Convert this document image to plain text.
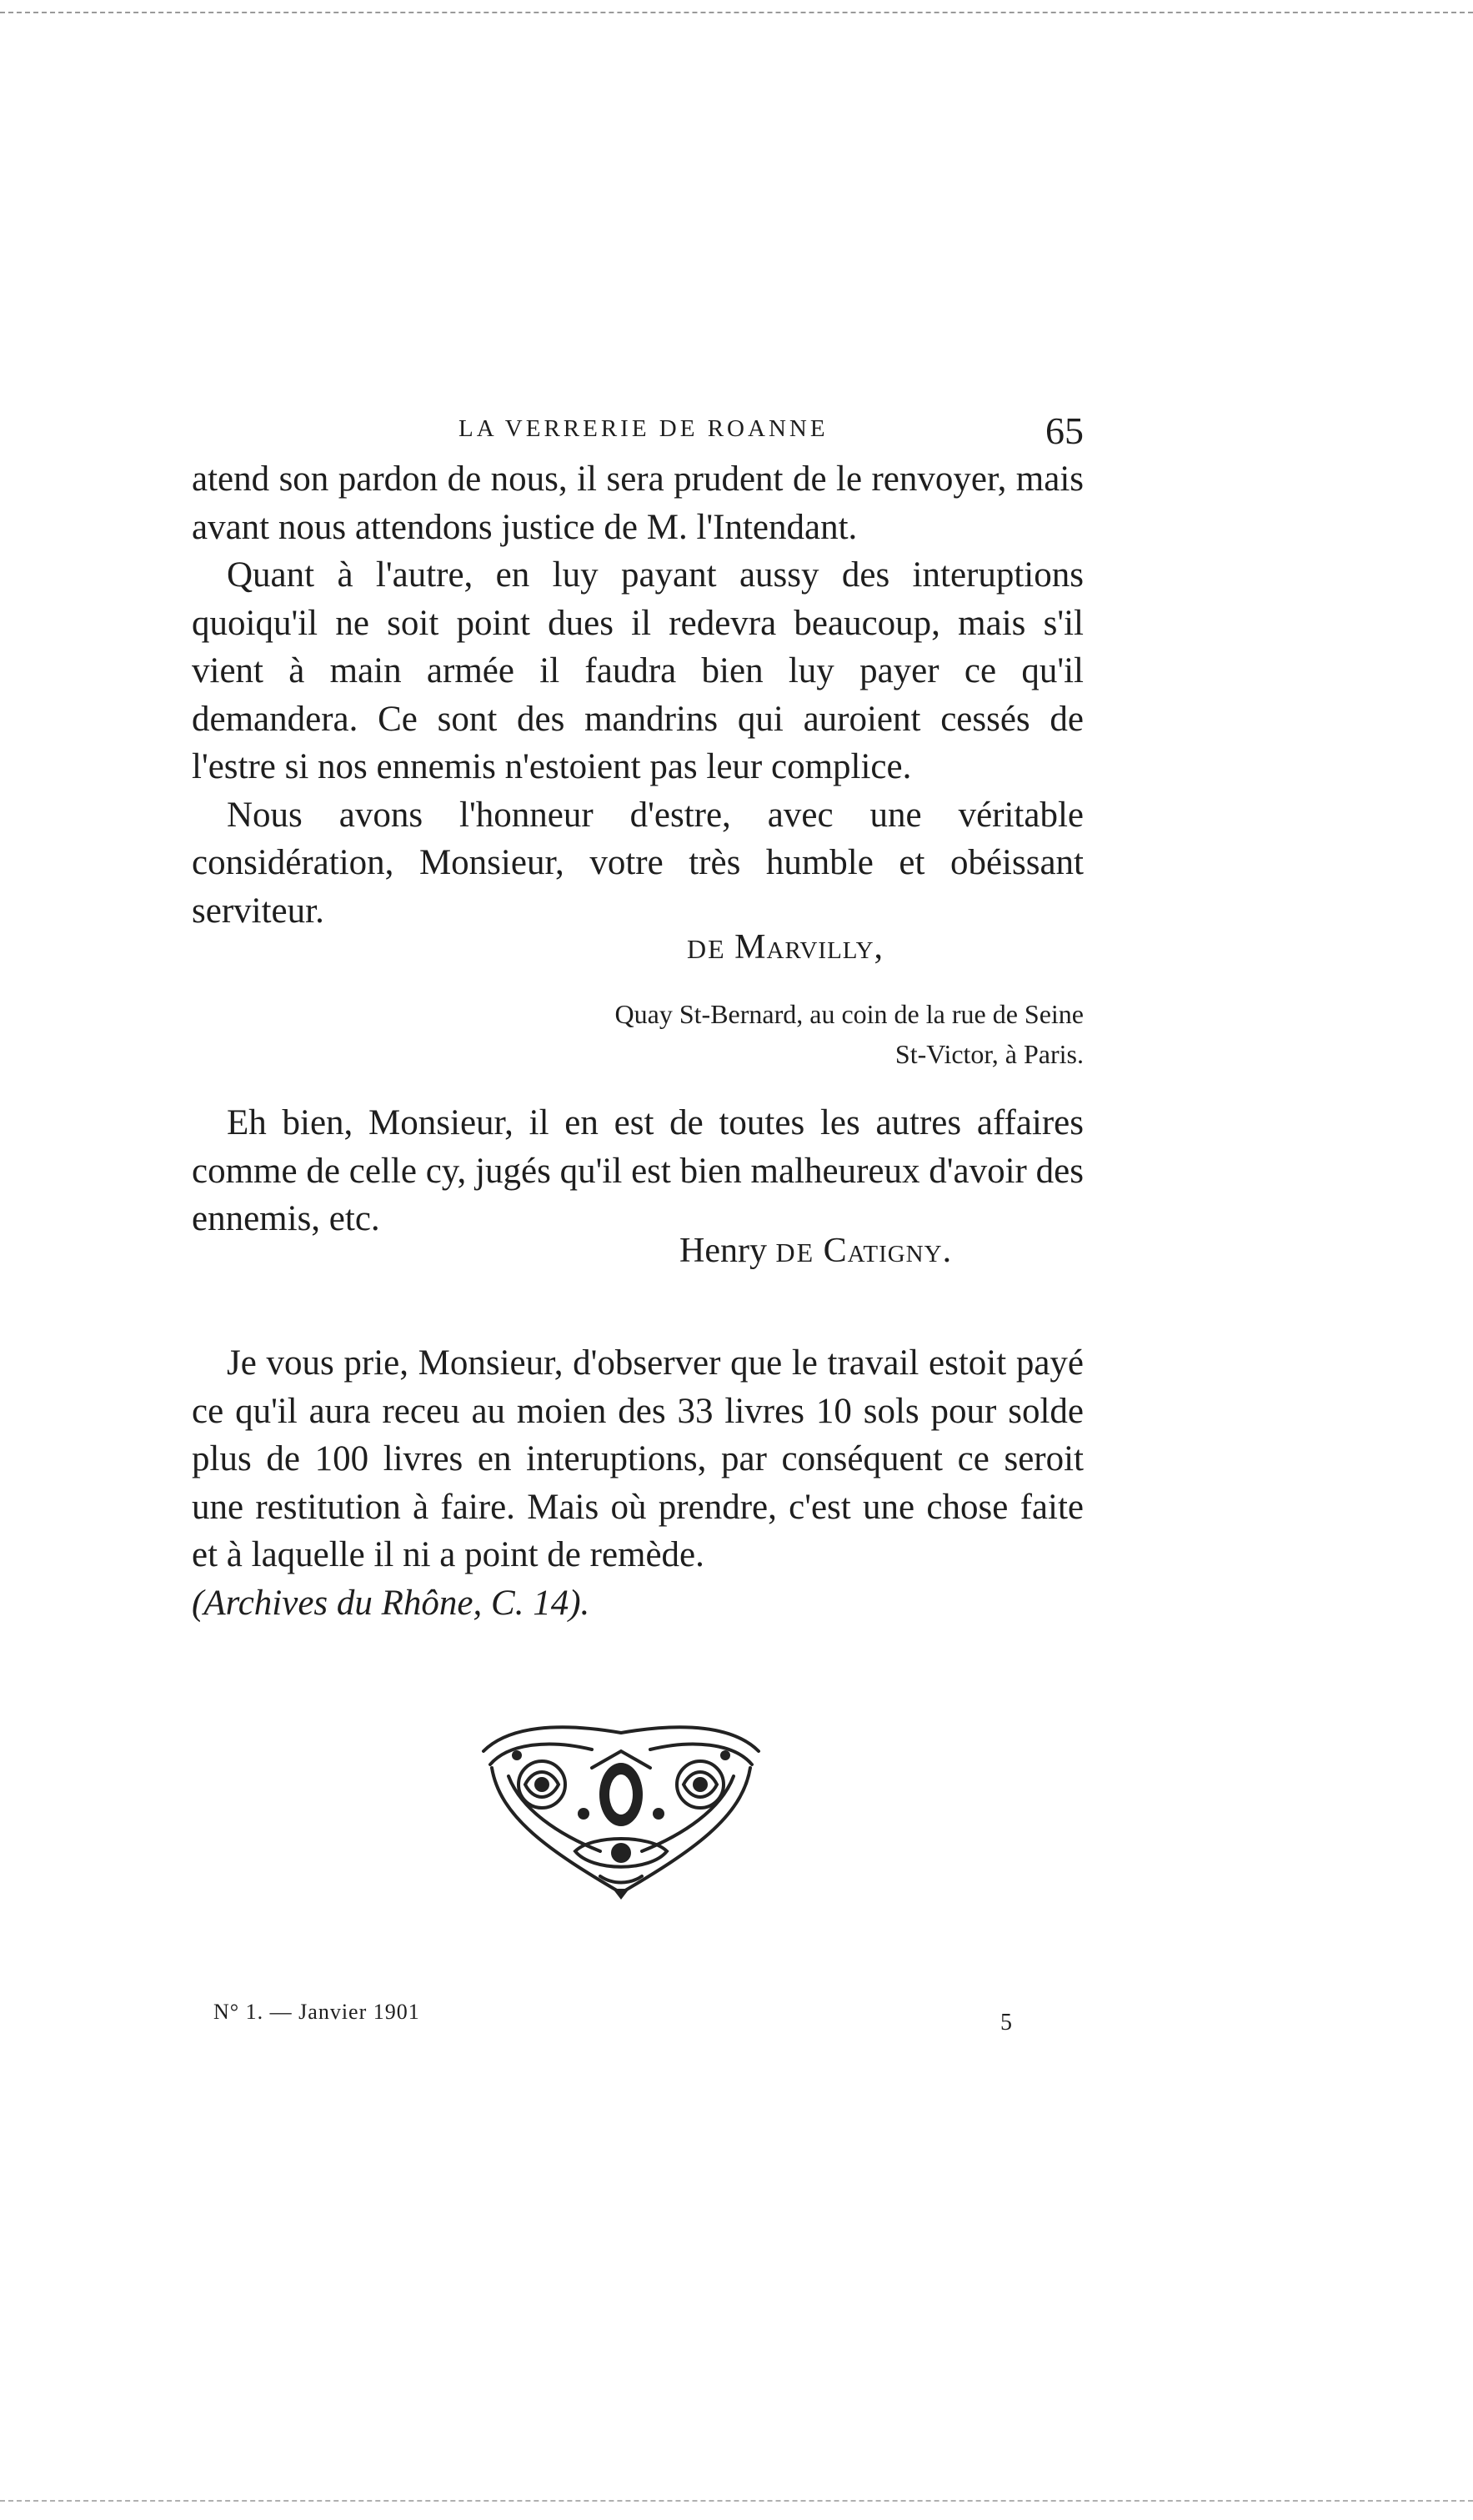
LA VERRERIE DE ROANNE	65

atend son pardon de nous, il sera prudent de le renvoyer, mais avant nous attendons justice de M. l'Intendant.

Quant à l'autre, en luy payant aussy des interuptions quoiqu'il ne soit point dues il redevra beaucoup, mais s'il vient à main armée il faudra bien luy payer ce qu'il demandera. Ce sont des mandrins qui auroient cessés de l'estre si nos ennemis n'estoient pas leur complice.

Nous avons l'honneur d'estre, avec une véritable considération, Monsieur, votre très humble et obéissant serviteur.

DE Marvilly,
Quay St-Bernard, au coin de la rue de Seine
St-Victor, à Paris.

Eh bien, Monsieur, il en est de toutes les autres affaires comme de celle cy, jugés qu'il est bien malheureux d'avoir des ennemis, etc.

Henry DE Catigny.

Je vous prie, Monsieur, d'observer que le travail estoit payé ce qu'il aura receu au moien des 33 livres 10 sols pour solde plus de 100 livres en interuptions, par conséquent ce seroit une restitution à faire. Mais où prendre, c'est une chose faite et à laquelle il ni a point de remède.

(Archives du Rhône, C. 14).

N° 1. — Janvier 1901	5
